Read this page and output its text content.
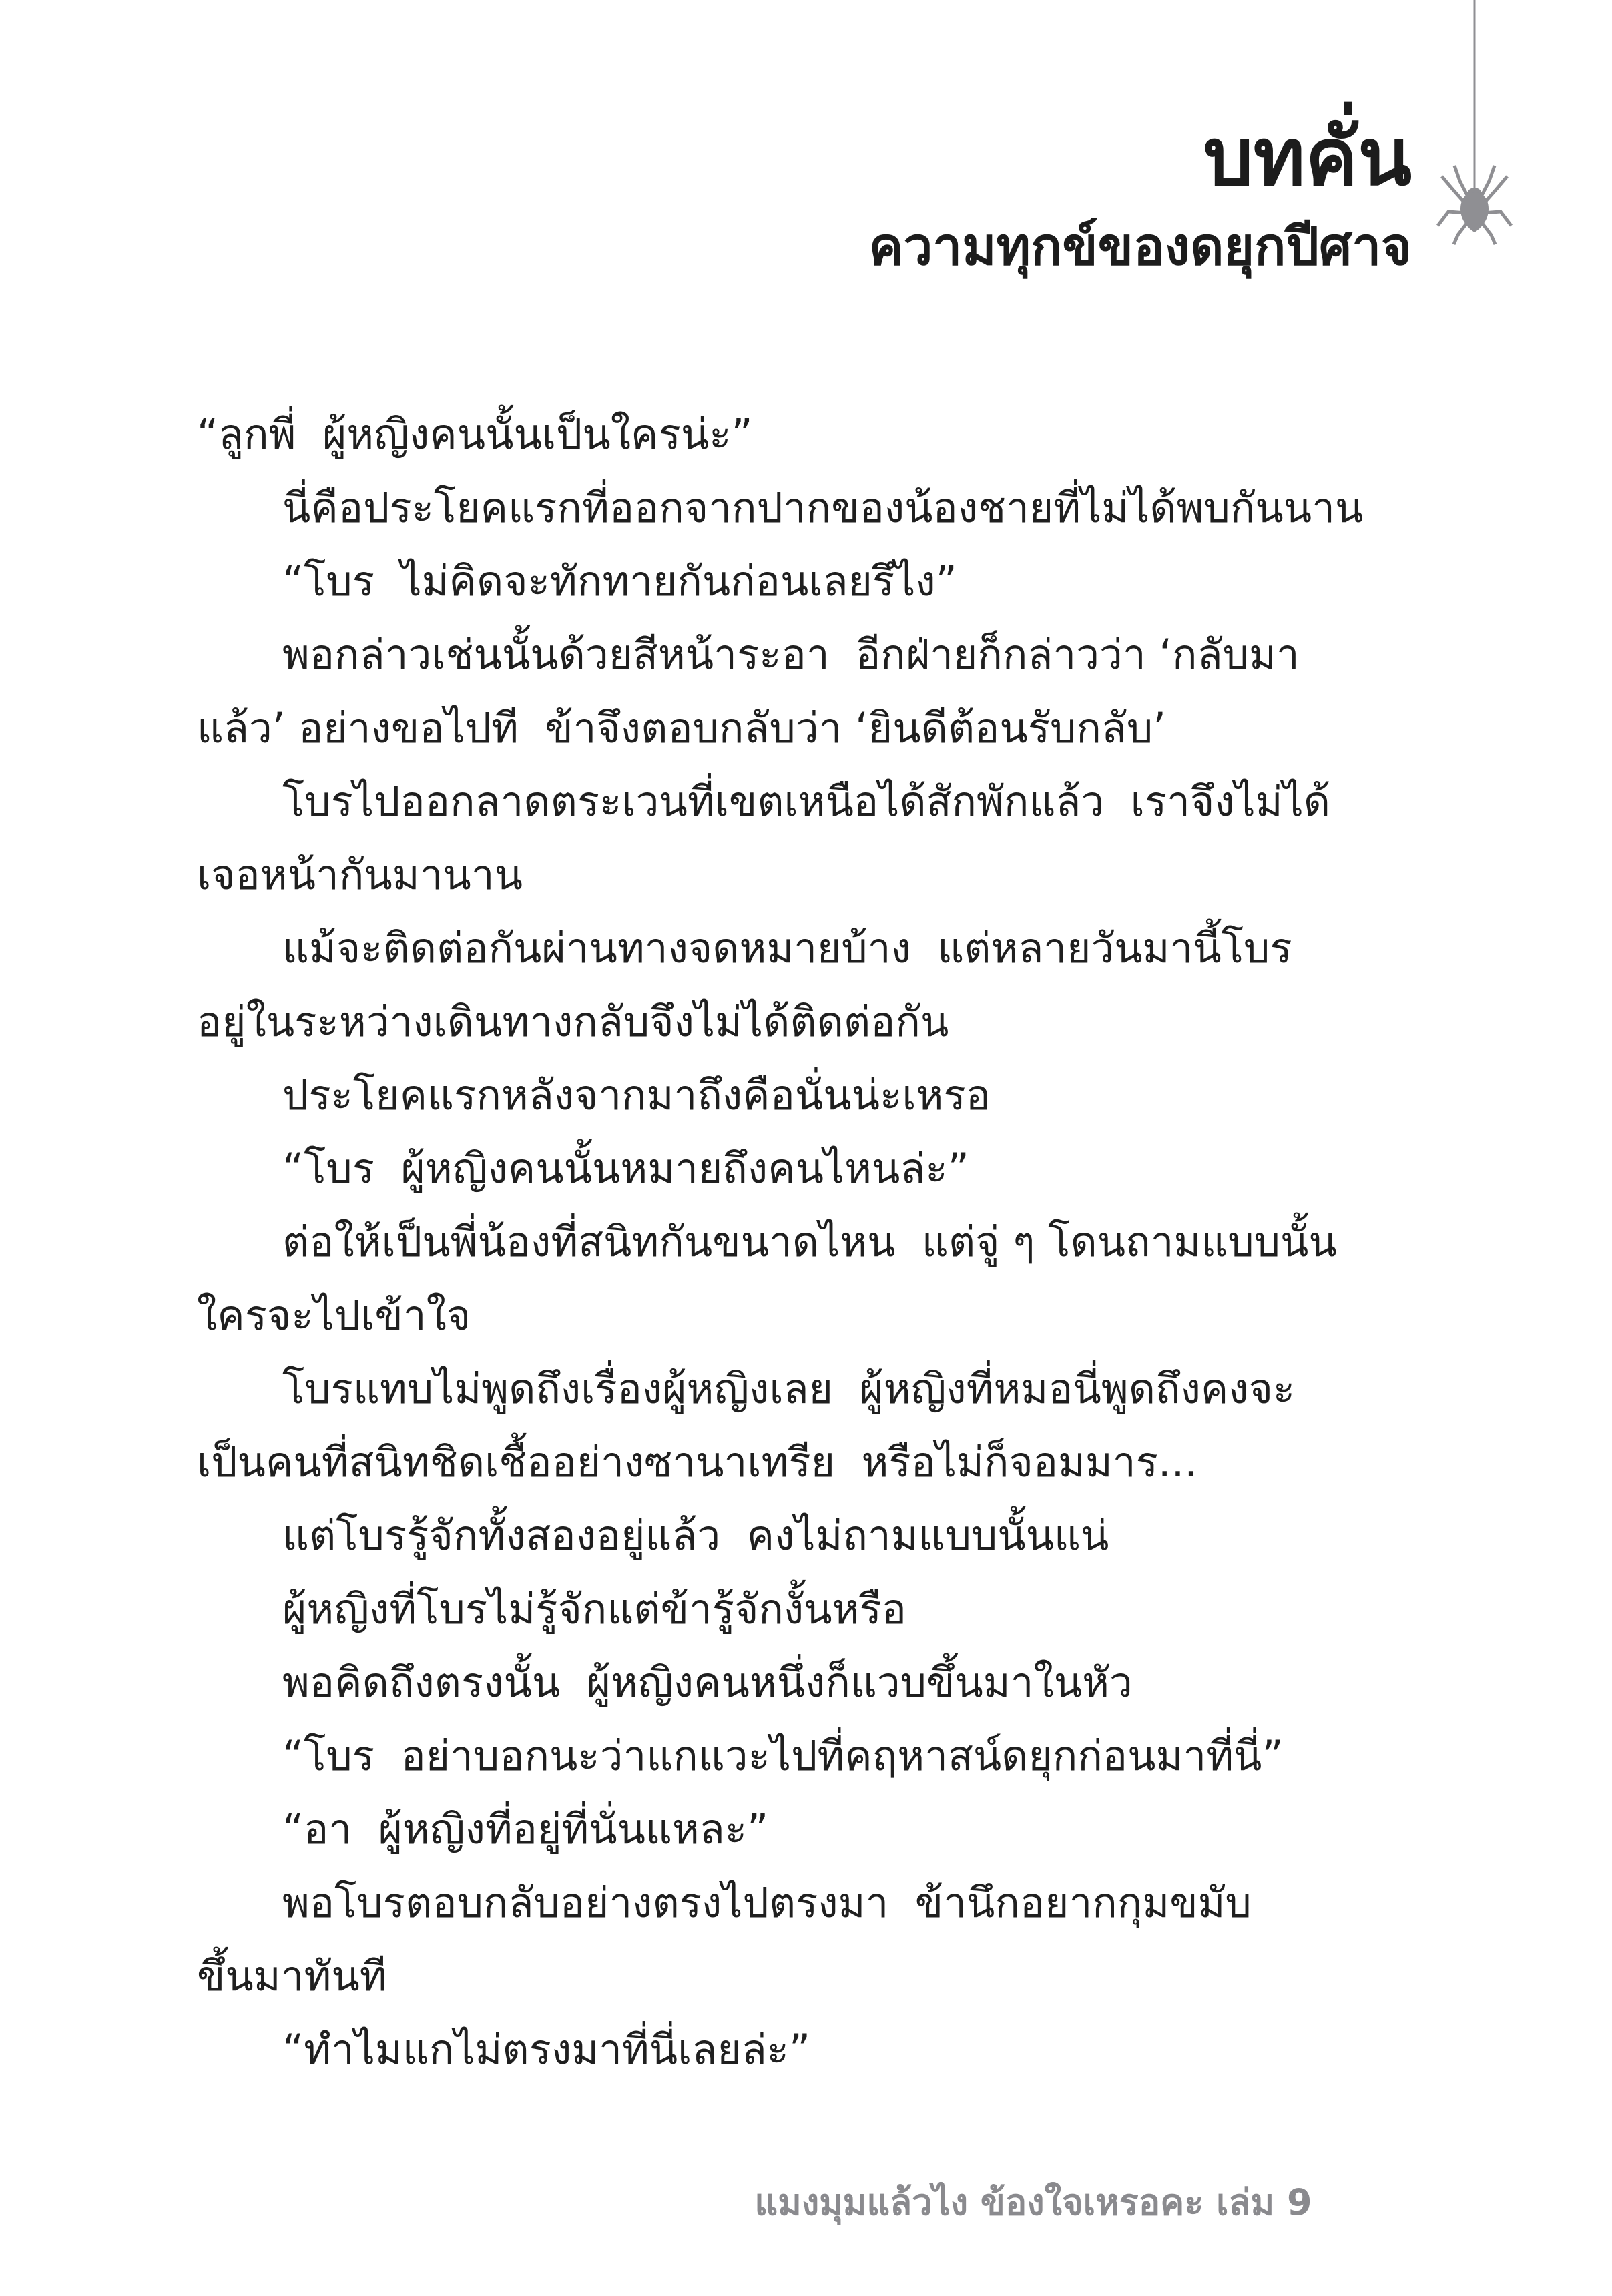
บทคั่น
ความทุกข์ของดยุกปีศาจ

“ลูกพี่  ผู้หญิงคนนั้นเป็นใครน่ะ”

นี่คือประโยคแรกที่ออกจากปากของน้องชายที่ไม่ได้พบกันนาน

“โบร  ไม่คิดจะทักทายกันก่อนเลยรึไง”

พอกล่าวเช่นนั้นด้วยสีหน้าระอา  อีกฝ่ายก็กล่าวว่า ‘กลับมา

แล้ว’ อย่างขอไปที  ข้าจึงตอบกลับว่า ‘ยินดีต้อนรับกลับ’

โบรไปออกลาดตระเวนที่เขตเหนือได้สักพักแล้ว  เราจึงไม่ได้

เจอหน้ากันมานาน

แม้จะติดต่อกันผ่านทางจดหมายบ้าง  แต่หลายวันมานี้โบร

อยู่ในระหว่างเดินทางกลับจึงไม่ได้ติดต่อกัน

ประโยคแรกหลังจากมาถึงคือนั่นน่ะเหรอ

“โบร  ผู้หญิงคนนั้นหมายถึงคนไหนล่ะ”

ต่อให้เป็นพี่น้องที่สนิทกันขนาดไหน  แต่จู่ ๆ โดนถามแบบนั้น

ใครจะไปเข้าใจ

โบรแทบไม่พูดถึงเรื่องผู้หญิงเลย  ผู้หญิงที่หมอนี่พูดถึงคงจะ

เป็นคนที่สนิทชิดเชื้ออย่างซานาเทรีย  หรือไม่ก็จอมมาร...

แต่โบรรู้จักทั้งสองอยู่แล้ว  คงไม่ถามแบบนั้นแน่

ผู้หญิงที่โบรไม่รู้จักแต่ข้ารู้จักงั้นหรือ

พอคิดถึงตรงนั้น  ผู้หญิงคนหนึ่งก็แวบขึ้นมาในหัว

“โบร  อย่าบอกนะว่าแกแวะไปที่คฤหาสน์ดยุกก่อนมาที่นี่”

“อา  ผู้หญิงที่อยู่ที่นั่นแหละ”

พอโบรตอบกลับอย่างตรงไปตรงมา  ข้านึกอยากกุมขมับ

ขึ้นมาทันที

“ทำไมแกไม่ตรงมาที่นี่เลยล่ะ”

แมงมุมแล้วไง ข้องใจเหรอคะ เล่ม 9
